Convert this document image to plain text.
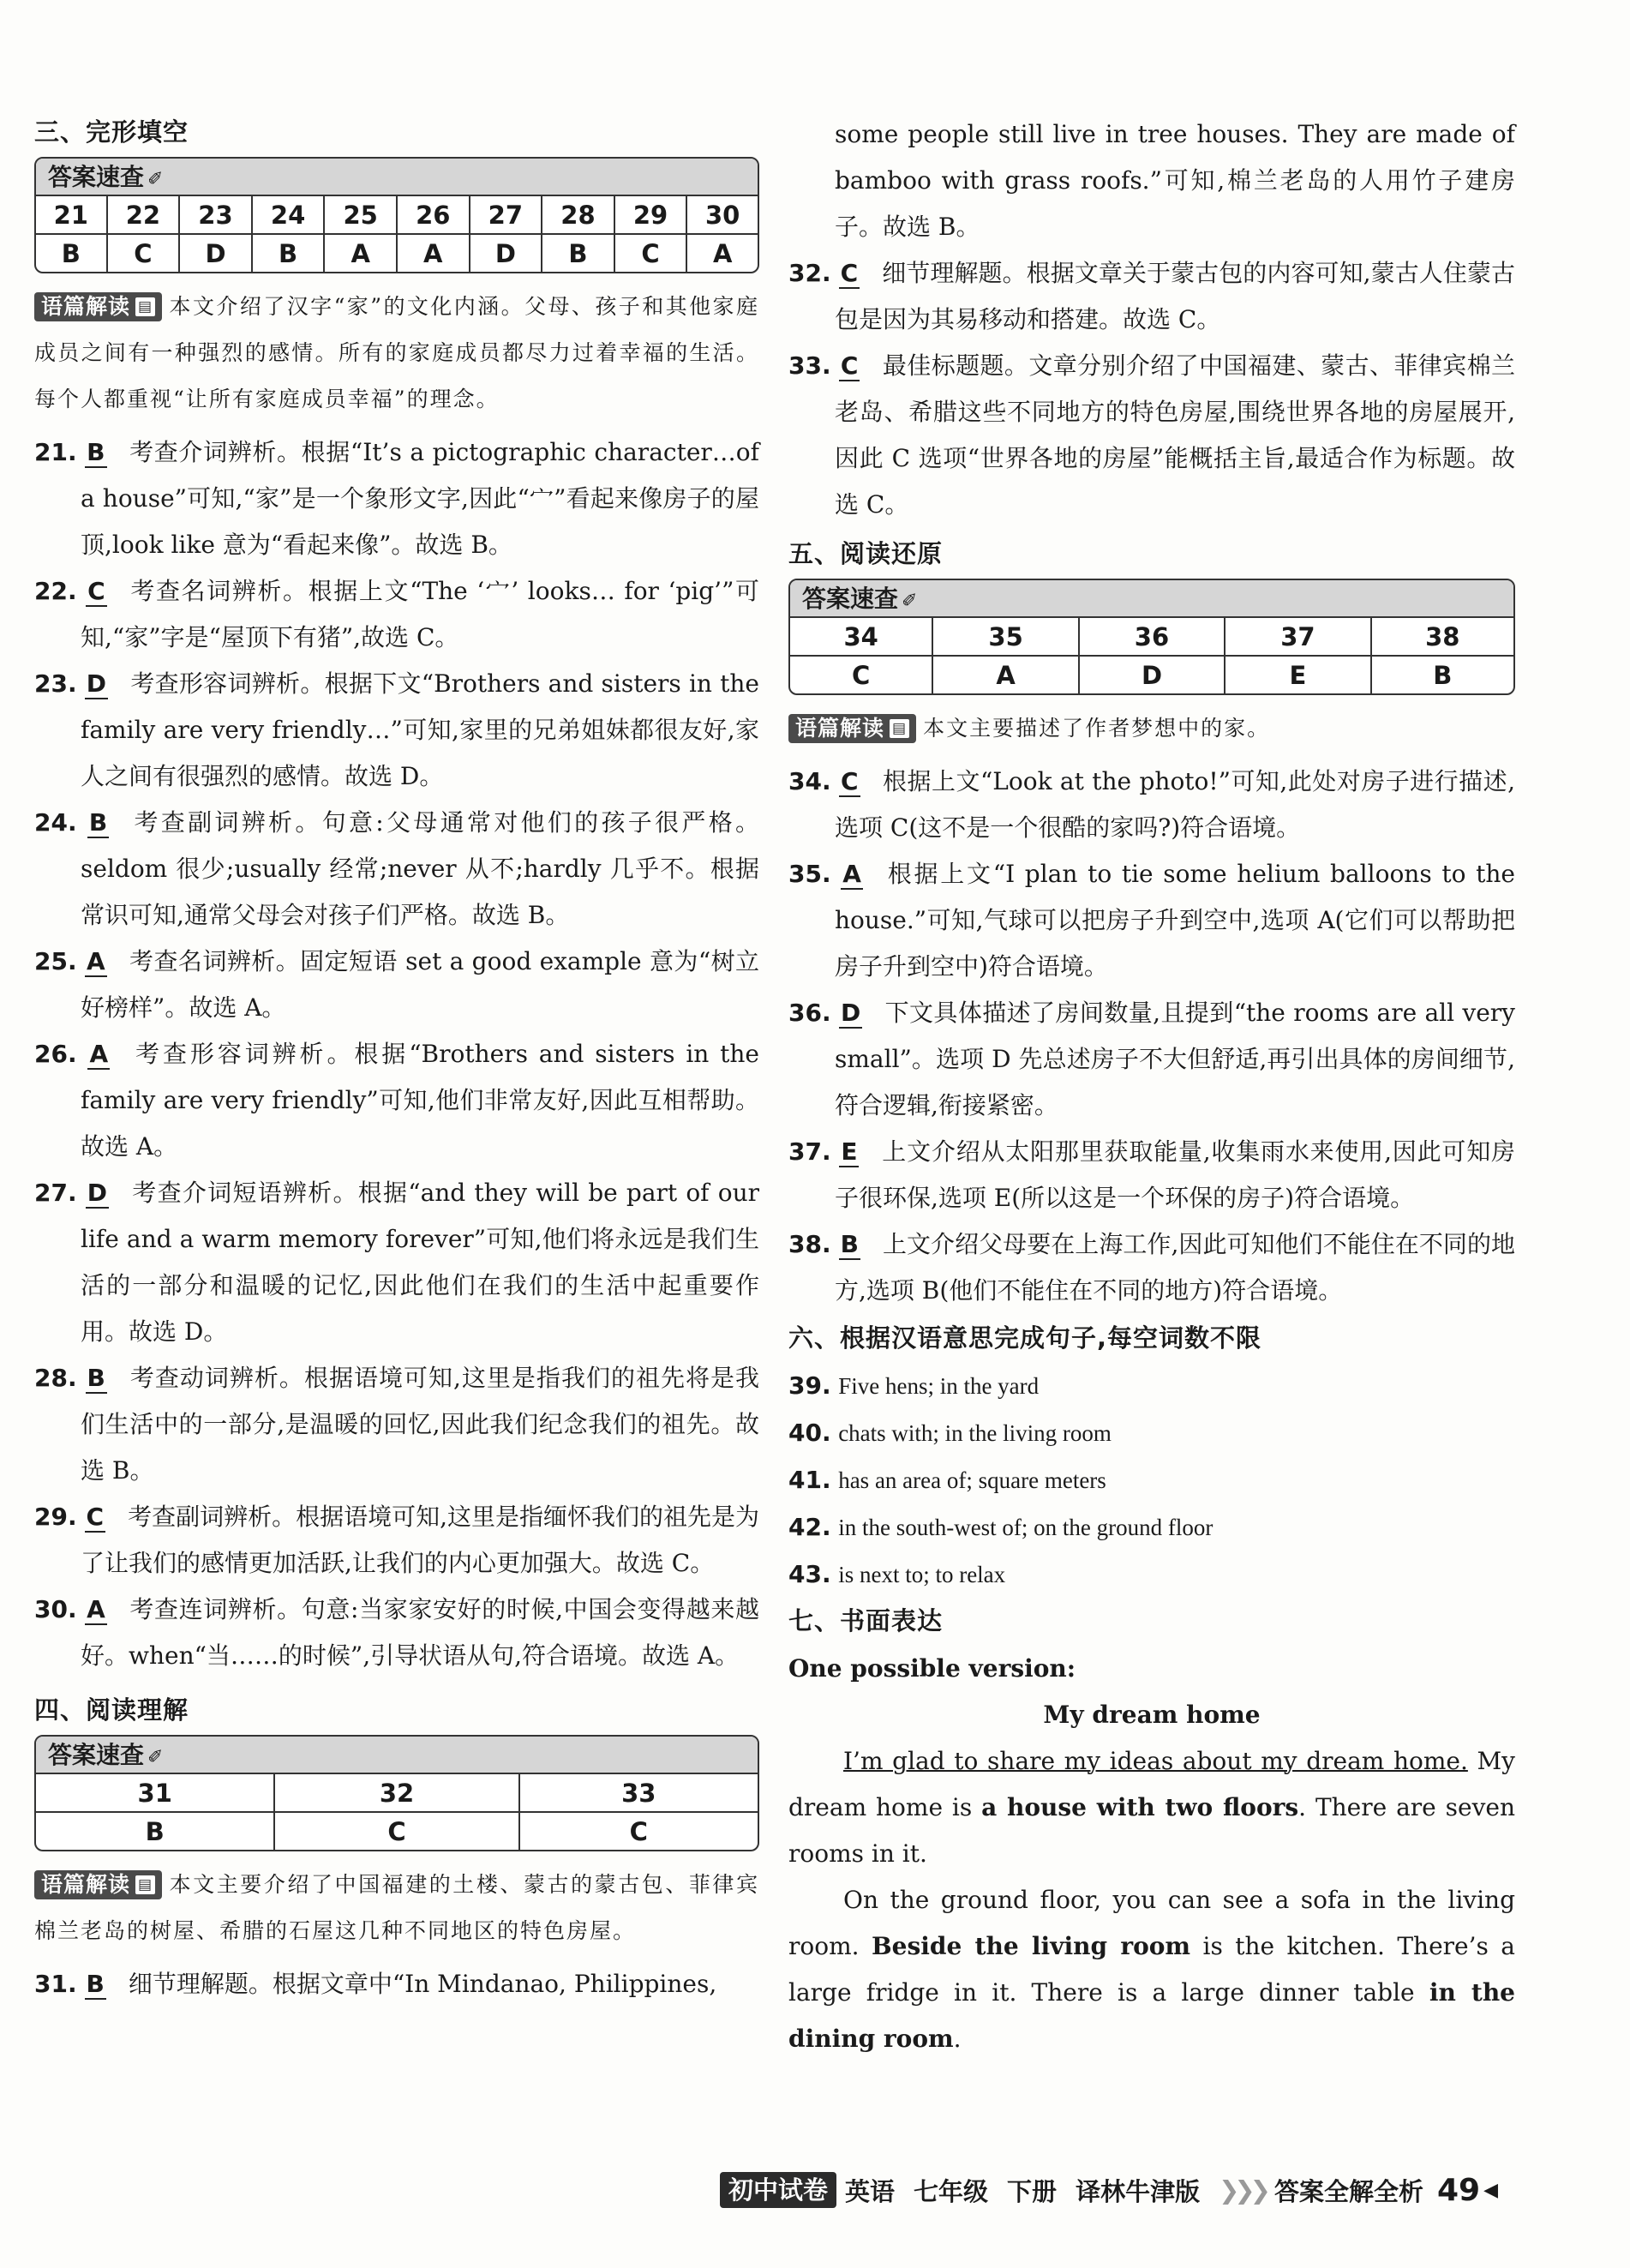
三、完形填空
答案速查 ✐
21	22	23	24	25	26	27	28	29	30
B	C	D	B	A	A	D	B	C	A
语篇解读 ▤ 本文介绍了汉字“家”的文化内涵。父母、孩子和其他家庭成员之间有一种强烈的感情。所有的家庭成员都尽力过着幸福的生活。每个人都重视“让所有家庭成员幸福”的理念。
21. B 考查介词辨析。根据“It’s a pictographic character…of a house”可知,“家”是一个象形文字,因此“宀”看起来像房子的屋顶,look like 意为“看起来像”。故选 B。
22. C 考查名词辨析。根据上文“The ‘宀’ looks… for ‘pig’”可知,“家”字是“屋顶下有猪”,故选 C。
23. D 考查形容词辨析。根据下文“Brothers and sisters in the family are very friendly…”可知,家里的兄弟姐妹都很友好,家人之间有很强烈的感情。故选 D。
24. B 考查副词辨析。句意:父母通常对他们的孩子很严格。seldom 很少;usually 经常;never 从不;hardly 几乎不。根据常识可知,通常父母会对孩子们严格。故选 B。
25. A 考查名词辨析。固定短语 set a good example 意为“树立好榜样”。故选 A。
26. A 考查形容词辨析。根据“Brothers and sisters in the family are very friendly”可知,他们非常友好,因此互相帮助。故选 A。
27. D 考查介词短语辨析。根据“and they will be part of our life and a warm memory forever”可知,他们将永远是我们生活的一部分和温暖的记忆,因此他们在我们的生活中起重要作用。故选 D。
28. B 考查动词辨析。根据语境可知,这里是指我们的祖先将是我们生活中的一部分,是温暖的回忆,因此我们纪念我们的祖先。故选 B。
29. C 考查副词辨析。根据语境可知,这里是指缅怀我们的祖先是为了让我们的感情更加活跃,让我们的内心更加强大。故选 C。
30. A 考查连词辨析。句意:当家家安好的时候,中国会变得越来越好。when“当……的时候”,引导状语从句,符合语境。故选 A。
四、阅读理解
答案速查 ✐
31	32	33
B	C	C
语篇解读 ▤ 本文主要介绍了中国福建的土楼、蒙古的蒙古包、菲律宾棉兰老岛的树屋、希腊的石屋这几种不同地区的特色房屋。
31. B 细节理解题。根据文章中“In Mindanao, Philippines,
some people still live in tree houses. They are made of bamboo with grass roofs.”可知,棉兰老岛的人用竹子建房子。故选 B。
32. C 细节理解题。根据文章关于蒙古包的内容可知,蒙古人住蒙古包是因为其易移动和搭建。故选 C。
33. C 最佳标题题。文章分别介绍了中国福建、蒙古、菲律宾棉兰老岛、希腊这些不同地方的特色房屋,围绕世界各地的房屋展开,因此 C 选项“世界各地的房屋”能概括主旨,最适合作为标题。故选 C。
五、阅读还原
答案速查 ✐
34	35	36	37	38
C	A	D	E	B
语篇解读 ▤ 本文主要描述了作者梦想中的家。
34. C 根据上文“Look at the photo!”可知,此处对房子进行描述,选项 C(这不是一个很酷的家吗?)符合语境。
35. A 根据上文“I plan to tie some helium balloons to the house.”可知,气球可以把房子升到空中,选项 A(它们可以帮助把房子升到空中)符合语境。
36. D 下文具体描述了房间数量,且提到“the rooms are all very small”。选项 D 先总述房子不大但舒适,再引出具体的房间细节,符合逻辑,衔接紧密。
37. E 上文介绍从太阳那里获取能量,收集雨水来使用,因此可知房子很环保,选项 E(所以这是一个环保的房子)符合语境。
38. B 上文介绍父母要在上海工作,因此可知他们不能住在不同的地方,选项 B(他们不能住在不同的地方)符合语境。
六、根据汉语意思完成句子,每空词数不限
39. Five hens; in the yard
40. chats with; in the living room
41. has an area of; square meters
42. in the south-west of; on the ground floor
43. is next to; to relax
七、书面表达
One possible version:
My dream home
I’m glad to share my ideas about my dream home. My dream home is a house with two floors. There are seven rooms in it.
On the ground floor, you can see a sofa in the living room. Beside the living room is the kitchen. There’s a large fridge in it. There is a large dinner table in the dining room.
初中试卷 英语 七年级 下册 译林牛津版 ❯❯❯ 答案全解全析 49 ◀
